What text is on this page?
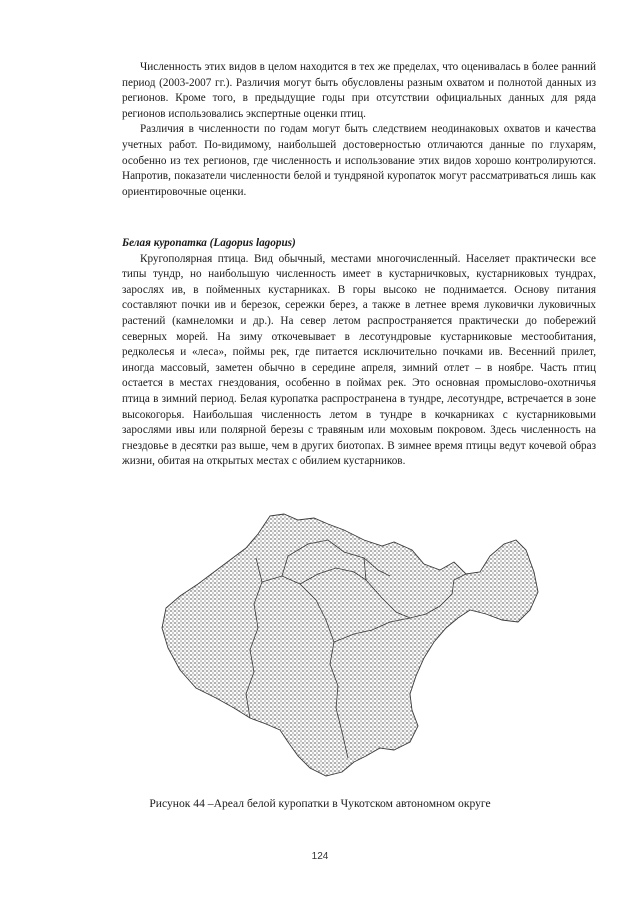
Численность этих видов в целом находится в тех же пределах, что оценивалась в более ранний период (2003-2007 гг.). Различия могут быть обусловлены разным охватом и полнотой данных из регионов. Кроме того, в предыдущие годы при отсутствии официальных данных для ряда регионов использовались экспертные оценки птиц.

Различия в численности по годам могут быть следствием неодинаковых охватов и качества учетных работ. По-видимому, наибольшей достоверностью отличаются данные по глухарям, особенно из тех регионов, где численность и использование этих видов хорошо контролируются. Напротив, показатели численности белой и тундряной куропаток могут рассматриваться лишь как ориентировочные оценки.

Белая куропатка (Lagopus lagopus)

Кругополярная птица. Вид обычный, местами многочисленный. Населяет практически все типы тундр, но наибольшую численность имеет в кустарничковых, кустарниковых тундрах, зарослях ив, в пойменных кустарниках. В горы высоко не поднимается. Основу питания составляют почки ив и березок, сережки берез, а также в летнее время луковички луковичных растений (камнеломки и др.). На север летом распространяется практически до побережий северных морей. На зиму откочевывает в лесотундровые кустарниковые местообитания, редколесья и «леса», поймы рек, где питается исключительно почками ив. Весенний прилет, иногда массовый, заметен обычно в середине апреля, зимний отлет – в ноябре. Часть птиц остается в местах гнездования, особенно в поймах рек. Это основная промыслово-охотничья птица в зимний период. Белая куропатка распространена в тундре, лесотундре, встречается в зоне высокогорья. Наибольшая численность летом в тундре в кочкарниках с кустарниковыми зарослями ивы или полярной березы с травяным или моховым покровом. Здесь численность на гнездовье в десятки раз выше, чем в других биотопах. В зимнее время птицы ведут кочевой образ жизни, обитая на открытых местах с обилием кустарников.

Рисунок 44 –Ареал белой куропатки в Чукотском автономном округе
124
